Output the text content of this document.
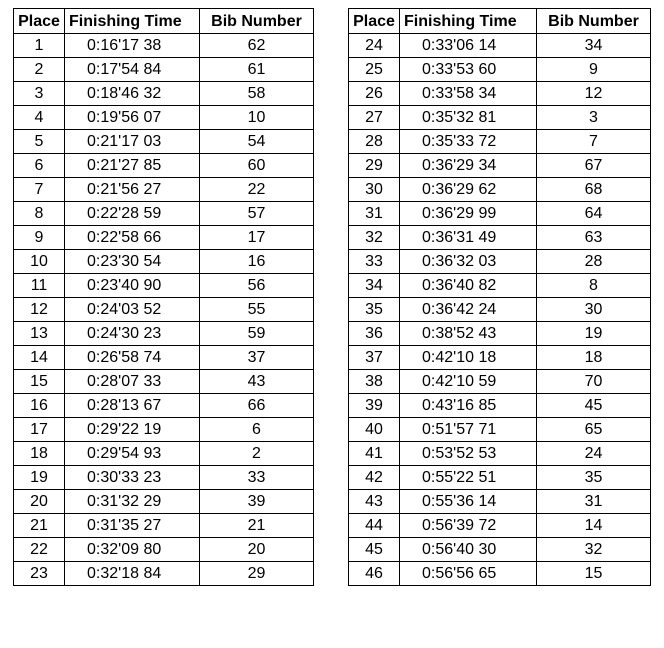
Place	Finishing Time	Bib Number
1	0:16'17 38	62
2	0:17'54 84	61
3	0:18'46 32	58
4	0:19'56 07	10
5	0:21'17 03	54
6	0:21'27 85	60
7	0:21'56 27	22
8	0:22'28 59	57
9	0:22'58 66	17
10	0:23'30 54	16
11	0:23'40 90	56
12	0:24'03 52	55
13	0:24'30 23	59
14	0:26'58 74	37
15	0:28'07 33	43
16	0:28'13 67	66
17	0:29'22 19	6
18	0:29'54 93	2
19	0:30'33 23	33
20	0:31'32 29	39
21	0:31'35 27	21
22	0:32'09 80	20
23	0:32'18 84	29
Place	Finishing Time	Bib Number
24	0:33'06 14	34
25	0:33'53 60	9
26	0:33'58 34	12
27	0:35'32 81	3
28	0:35'33 72	7
29	0:36'29 34	67
30	0:36'29 62	68
31	0:36'29 99	64
32	0:36'31 49	63
33	0:36'32 03	28
34	0:36'40 82	8
35	0:36'42 24	30
36	0:38'52 43	19
37	0:42'10 18	18
38	0:42'10 59	70
39	0:43'16 85	45
40	0:51'57 71	65
41	0:53'52 53	24
42	0:55'22 51	35
43	0:55'36 14	31
44	0:56'39 72	14
45	0:56'40 30	32
46	0:56'56 65	15
